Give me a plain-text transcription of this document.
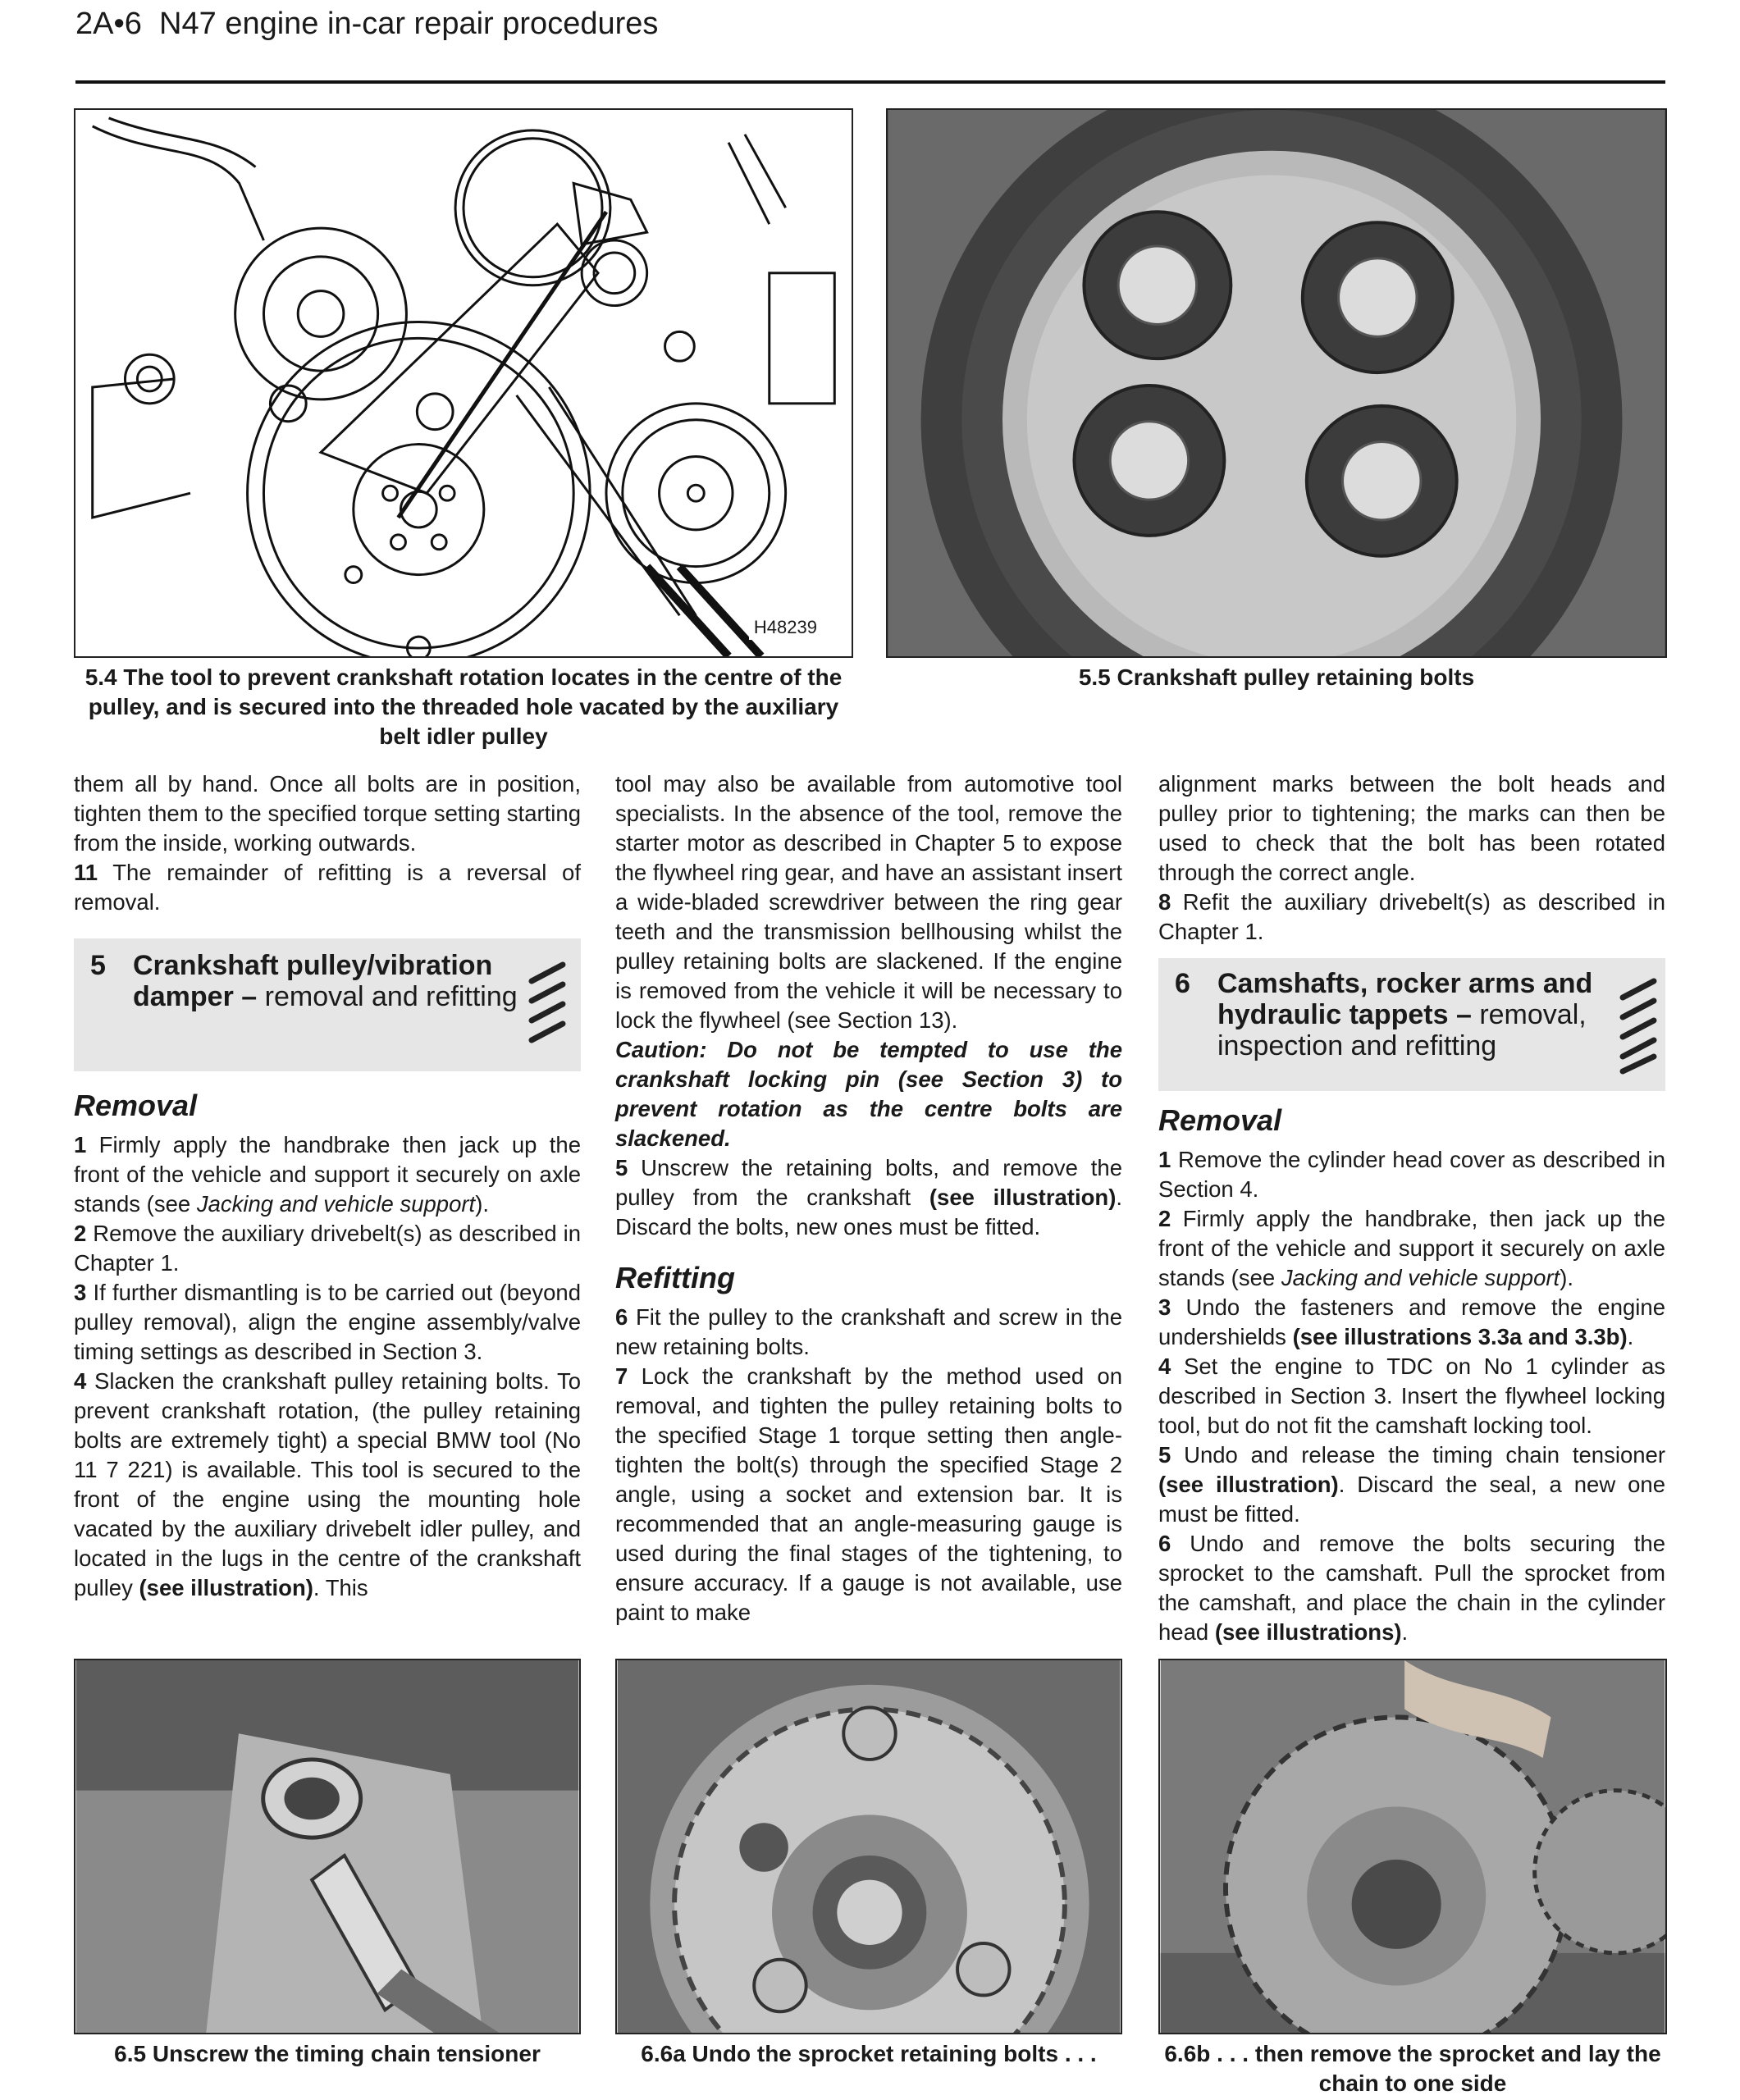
2A•6 N47 engine in-car repair procedures
H48239
5.4 The tool to prevent crankshaft rotation locates in the centre of the pulley, and is secured into the threaded hole vacated by the auxiliary belt idler pulley
5.5 Crankshaft pulley retaining bolts

them all by hand. Once all bolts are in position, tighten them to the specified torque setting starting from the inside, working outwards.

11 The remainder of refitting is a reversal of removal.

5 Crankshaft pulley/vibration damper – removal and refitting
Removal

1 Firmly apply the handbrake then jack up the front of the vehicle and support it securely on axle stands (see Jacking and vehicle support).

2 Remove the auxiliary drivebelt(s) as described in Chapter 1.

3 If further dismantling is to be carried out (beyond pulley removal), align the engine assembly/valve timing settings as described in Section 3.

4 Slacken the crankshaft pulley retaining bolts. To prevent crankshaft rotation, (the pulley retaining bolts are extremely tight) a special BMW tool (No 11 7 221) is available. This tool is secured to the front of the engine using the mounting hole vacated by the auxiliary drivebelt idler pulley, and located in the lugs in the centre of the crankshaft pulley (see illustration). This

tool may also be available from automotive tool specialists. In the absence of the tool, remove the starter motor as described in Chapter 5 to expose the flywheel ring gear, and have an assistant insert a wide-bladed screwdriver between the ring gear teeth and the transmission bellhousing whilst the pulley retaining bolts are slackened. If the engine is removed from the vehicle it will be necessary to lock the flywheel (see Section 13).

Caution: Do not be tempted to use the crankshaft locking pin (see Section 3) to prevent rotation as the centre bolts are slackened.

5 Unscrew the retaining bolts, and remove the pulley from the crankshaft (see illustration). Discard the bolts, new ones must be fitted.

Refitting

6 Fit the pulley to the crankshaft and screw in the new retaining bolts.

7 Lock the crankshaft by the method used on removal, and tighten the pulley retaining bolts to the specified Stage 1 torque setting then angle-tighten the bolt(s) through the specified Stage 2 angle, using a socket and extension bar. It is recommended that an angle-measuring gauge is used during the final stages of the tightening, to ensure accuracy. If a gauge is not available, use paint to make

alignment marks between the bolt heads and pulley prior to tightening; the marks can then be used to check that the bolt has been rotated through the correct angle.

8 Refit the auxiliary drivebelt(s) as described in Chapter 1.

6 Camshafts, rocker arms and hydraulic tappets – removal, inspection and refitting
Removal

1 Remove the cylinder head cover as described in Section 4.

2 Firmly apply the handbrake, then jack up the front of the vehicle and support it securely on axle stands (see Jacking and vehicle support).

3 Undo the fasteners and remove the engine undershields (see illustrations 3.3a and 3.3b).

4 Set the engine to TDC on No 1 cylinder as described in Section 3. Insert the flywheel locking tool, but do not fit the camshaft locking tool.

5 Undo and release the timing chain tensioner (see illustration). Discard the seal, a new one must be fitted.

6 Undo and remove the bolts securing the sprocket to the camshaft. Pull the sprocket from the camshaft, and place the chain in the cylinder head (see illustrations).

6.5 Unscrew the timing chain tensioner	6.6a Undo the sprocket retaining bolts . . .	6.6b . . . then remove the sprocket and lay the chain to one side
